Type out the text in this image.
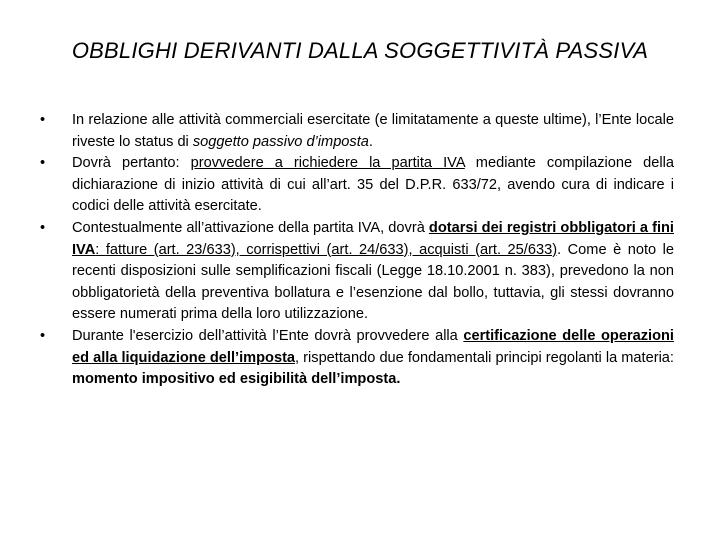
OBBLIGHI DERIVANTI DALLA SOGGETTIVITÀ PASSIVA
•	In relazione alle attività commerciali esercitate (e limitatamente a queste ultime), l’Ente locale riveste lo status di soggetto passivo d’imposta.
•	Dovrà pertanto: provvedere a richiedere la partita IVA mediante compilazione della dichiarazione di inizio attività di cui all’art. 35 del D.P.R. 633/72, avendo cura di indicare i codici delle attività esercitate.
•	Contestualmente all’attivazione della partita IVA, dovrà dotarsi dei registri obbligatori a fini IVA: fatture (art. 23/633), corrispettivi (art. 24/633), acquisti (art. 25/633). Come è noto le recenti disposizioni sulle semplificazioni fiscali (Legge 18.10.2001 n. 383), prevedono la non obbligatorietà della preventiva bollatura e l’esenzione dal bollo, tuttavia, gli stessi dovranno essere numerati prima della loro utilizzazione.
•	Durante l'esercizio dell’attività l’Ente dovrà provvedere alla certificazione delle operazioni ed alla liquidazione dell’imposta, rispettando due fondamentali principi regolanti la materia: momento impositivo ed esigibilità dell’imposta.
